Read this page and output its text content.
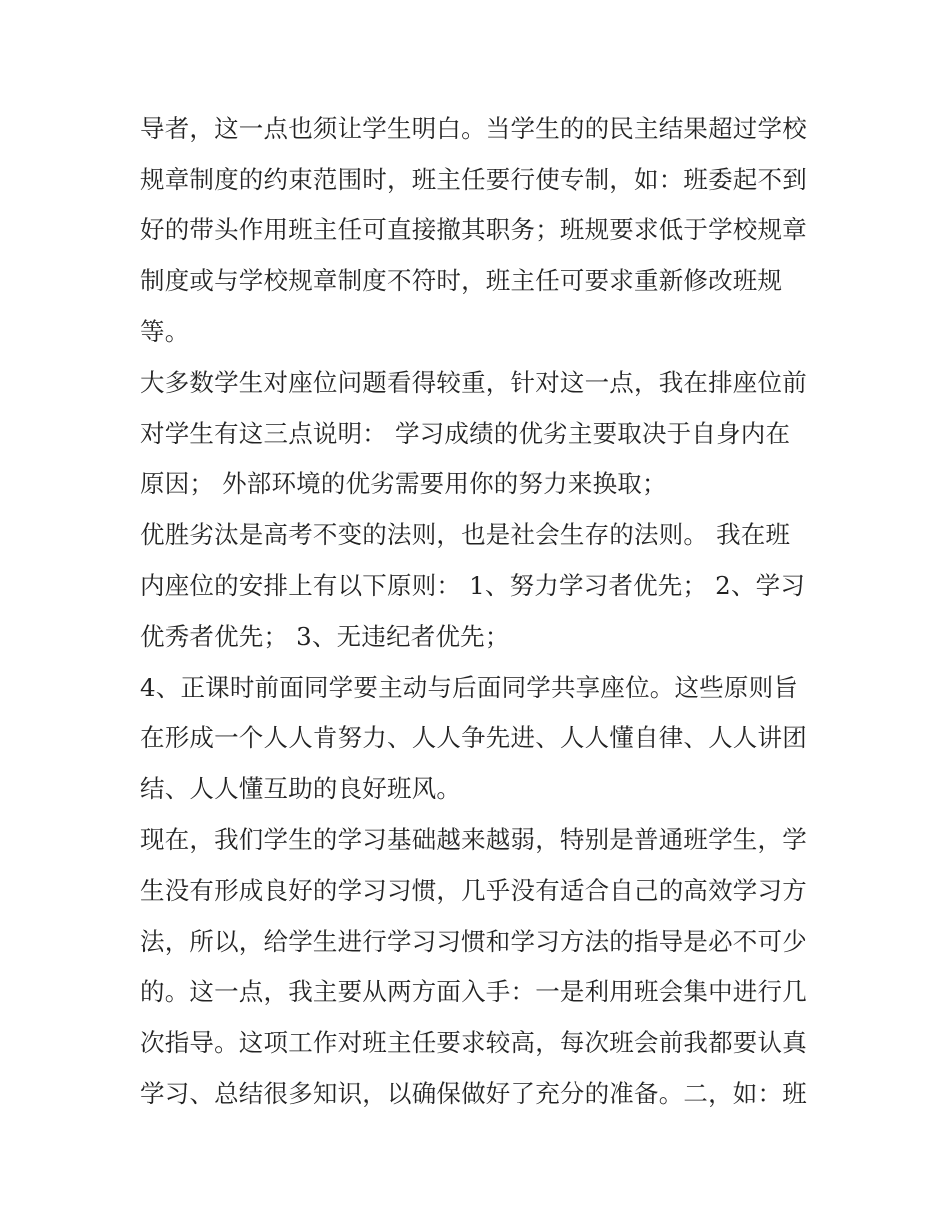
导者，这一点也须让学生明白。当学生的的民主结果超过学校
规章制度的约束范围时，班主任要行使专制，如：班委起不到
好的带头作用班主任可直接撤其职务；班规要求低于学校规章
制度或与学校规章制度不符时，班主任可要求重新修改班规
等。
大多数学生对座位问题看得较重，针对这一点，我在排座位前
对学生有这三点说明： 学习成绩的优劣主要取决于自身内在
原因； 外部环境的优劣需要用你的努力来换取；
优胜劣汰是高考不变的法则，也是社会生存的法则。 我在班
内座位的安排上有以下原则： 1、努力学习者优先； 2、学习
优秀者优先； 3、无违纪者优先；
4、正课时前面同学要主动与后面同学共享座位。这些原则旨
在形成一个人人肯努力、人人争先进、人人懂自律、人人讲团
结、人人懂互助的良好班风。
现在，我们学生的学习基础越来越弱，特别是普通班学生，学
生没有形成良好的学习习惯，几乎没有适合自己的高效学习方
法，所以，给学生进行学习习惯和学习方法的指导是必不可少
的。这一点，我主要从两方面入手：一是利用班会集中进行几
次指导。这项工作对班主任要求较高，每次班会前我都要认真
学习、总结很多知识，以确保做好了充分的准备。二，如：班
